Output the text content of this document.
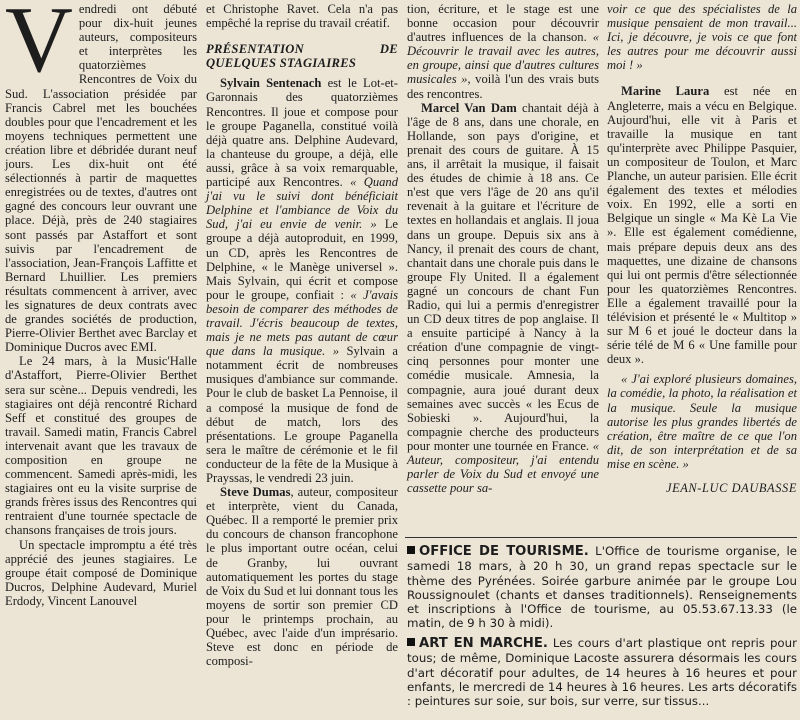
Vendredi ont débuté pour dix-huit jeunes auteurs, compositeurs et interprètes les quatorzièmes Rencontres de Voix du Sud. L'association présidée par Francis Cabrel met les bouchées doubles pour que l'encadrement et les moyens techniques permettent une création libre et débridée durant neuf jours. Les dix-huit ont été sélectionnés à partir de maquettes enregistrées ou de textes, d'autres ont gagné des concours leur ouvrant une place. Déjà, près de 240 stagiaires sont passés par Astaffort et sont suivis par l'encadrement de l'association, Jean-François Laffitte et Bernard Lhuillier. Les premiers résultats commencent à arriver, avec les signatures de deux contrats avec de grandes sociétés de production, Pierre-Olivier Berthet avec Barclay et Dominique Ducros avec EMI.

Le 24 mars, à la Music'Halle d'Astaffort, Pierre-Olivier Berthet sera sur scène... Depuis vendredi, les stagiaires ont déjà rencontré Richard Seff et constitué des groupes de travail. Samedi matin, Francis Cabrel intervenait avant que les travaux de composition en groupe ne commencent. Samedi après-midi, les stagiaires ont eu la visite surprise de grands frères issus des Rencontres qui rentraient d'une tournée spectacle de chansons françaises de trois jours.

Un spectacle impromptu a été très apprécié des jeunes stagiaires. Le groupe était composé de Dominique Ducros, Delphine Audevard, Muriel Erdody, Vincent Lanouvel

et Christophe Ravet. Cela n'a pas empêché la reprise du travail créatif.

PRÉSENTATION DE QUELQUES STAGIAIRES

Sylvain Sentenach est le Lot-et-Garonnais des quatorzièmes Rencontres. Il joue et compose pour le groupe Paganella, constitué voilà déjà quatre ans. Delphine Audevard, la chanteuse du groupe, a déjà, elle aussi, grâce à sa voix remarquable, participé aux Rencontres. « Quand j'ai vu le suivi dont bénéficiait Delphine et l'ambiance de Voix du Sud, j'ai eu envie de venir. » Le groupe a déjà autoproduit, en 1999, un CD, après les Rencontres de Delphine, « le Manège universel ». Mais Sylvain, qui écrit et compose pour le groupe, confiait : « J'avais besoin de comparer des méthodes de travail. J'écris beaucoup de textes, mais je ne mets pas autant de cœur que dans la musique. » Sylvain a notamment écrit de nombreuses musiques d'ambiance sur commande. Pour le club de basket La Pennoise, il a composé la musique de fond de début de match, lors des présentations. Le groupe Paganella sera le maître de cérémonie et le fil conducteur de la fête de la Musique à Prayssas, le vendredi 23 juin.

Steve Dumas, auteur, compositeur et interprète, vient du Canada, Québec. Il a remporté le premier prix du concours de chanson francophone le plus important outre océan, celui de Granby, lui ouvrant automatiquement les portes du stage de Voix du Sud et lui donnant tous les moyens de sortir son premier CD pour le printemps prochain, au Québec, avec l'aide d'un imprésario. Steve est donc en période de composi-

tion, écriture, et le stage est une bonne occasion pour découvrir d'autres influences de la chanson. « Découvrir le travail avec les autres, en groupe, ainsi que d'autres cultures musicales », voilà l'un des vrais buts des rencontres.

Marcel Van Dam chantait déjà à l'âge de 8 ans, dans une chorale, en Hollande, son pays d'origine, et prenait des cours de guitare. À 15 ans, il arrêtait la musique, il faisait des études de chimie à 18 ans. Ce n'est que vers l'âge de 20 ans qu'il revenait à la guitare et l'écriture de textes en hollandais et anglais. Il joua dans un groupe. Depuis six ans à Nancy, il prenait des cours de chant, chantait dans une chorale puis dans le groupe Fly United. Il a également gagné un concours de chant Fun Radio, qui lui a permis d'enregistrer un CD deux titres de pop anglaise. Il a ensuite participé à Nancy à la création d'une compagnie de vingt-cinq personnes pour monter une comédie musicale. Amnesia, la compagnie, aura joué durant deux semaines avec succès « les Ecus de Sobieski ». Aujourd'hui, la compagnie cherche des producteurs pour monter une tournée en France. « Auteur, compositeur, j'ai entendu parler de Voix du Sud et envoyé une cassette pour sa-

voir ce que des spécialistes de la musique pensaient de mon travail... Ici, je découvre, je vois ce que font les autres pour me découvrir aussi moi ! »

Marine Laura est née en Angleterre, mais a vécu en Belgique. Aujourd'hui, elle vit à Paris et travaille la musique en tant qu'interprète avec Philippe Pasquier, un compositeur de Toulon, et Marc Planche, un auteur parisien. Elle écrit également des textes et mélodies voix. En 1992, elle a sorti en Belgique un single « Ma Kè La Vie ». Elle est également comédienne, mais prépare depuis deux ans des maquettes, une dizaine de chansons qui lui ont permis d'être sélectionnée pour les quatorzièmes Rencontres. Elle a également travaillé pour la télévision et présenté le « Multitop » sur M 6 et joué le docteur dans la série télé de M 6 « Une famille pour deux ».

« J'ai exploré plusieurs domaines, la comédie, la photo, la réalisation et la musique. Seule la musique autorise les plus grandes libertés de création, être maître de ce que l'on dit, de son interprétation et de sa mise en scène. »

JEAN-LUC DAUBASSE
OFFICE DE TOURISME. L'Office de tourisme organise, le samedi 18 mars, à 20 h 30, un grand repas spectacle sur le thème des Pyrénées. Soirée garbure animée par le groupe Lou Roussignoulet (chants et danses traditionnels). Renseignements et inscriptions à l'Office de tourisme, au 05.53.67.13.33 (le matin, de 9 h 30 à midi).
ART EN MARCHE. Les cours d'art plastique ont repris pour tous; de même, Dominique Lacoste assurera désormais les cours d'art décoratif pour adultes, de 14 heures à 16 heures et pour enfants, le mercredi de 14 heures à 16 heures. Les arts décoratifs : peintures sur soie, sur bois, sur verre, sur tissus...
